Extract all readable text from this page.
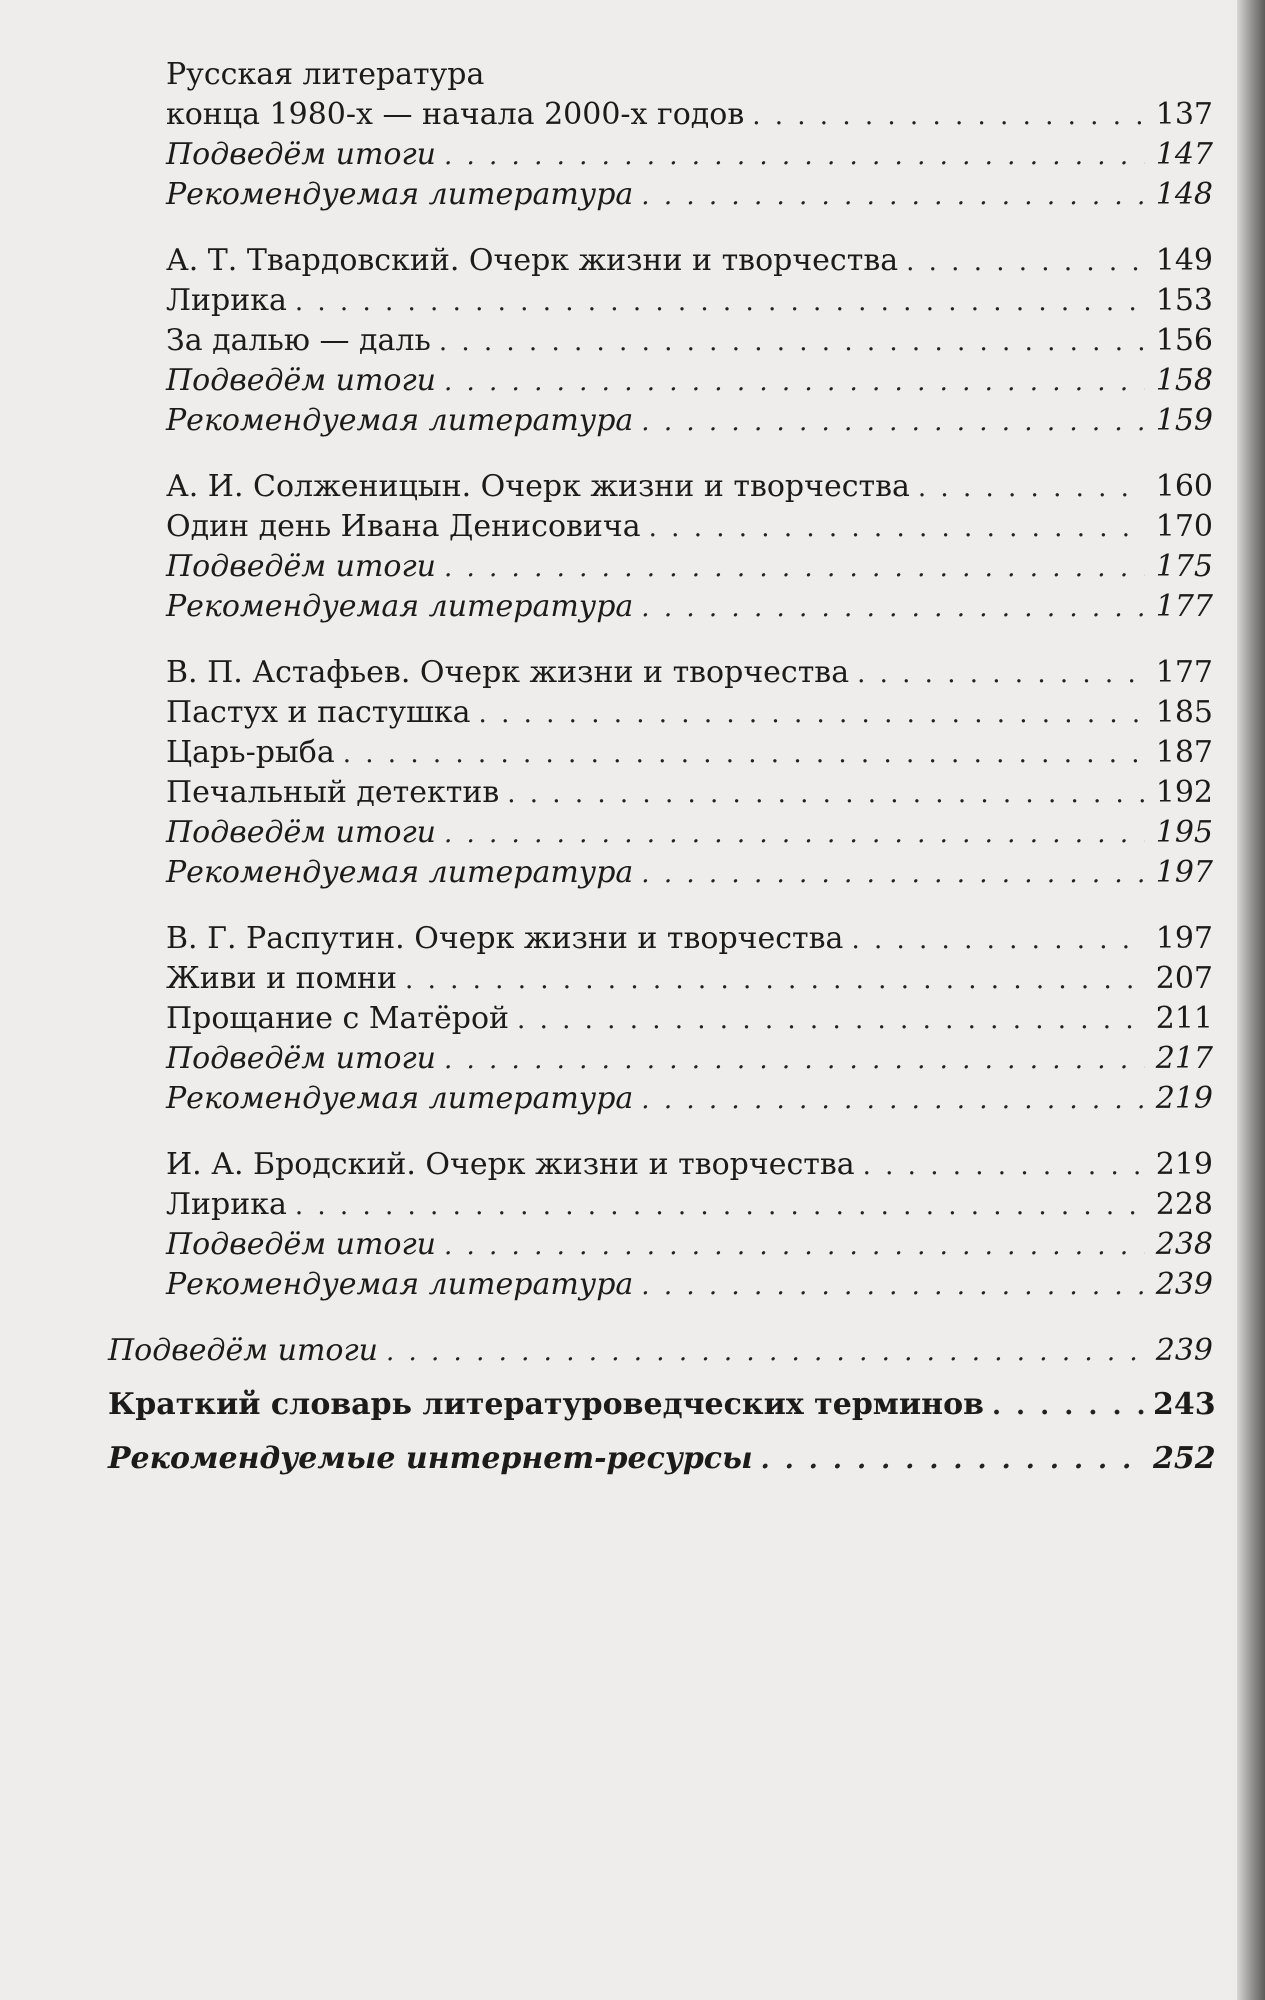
Русская литература
конца 1980-х — начала 2000-х годов . . .	137
Подведём итоги . . .	147
Рекомендуемая литература . . .	148
А. Т. Твардовский. Очерк жизни и творчества . . .	149
Лирика . . .	153
За далью — даль . . .	156
Подведём итоги . . .	158
Рекомендуемая литература . . .	159
А. И. Солженицын. Очерк жизни и творчества . . .	160
Один день Ивана Денисовича . . .	170
Подведём итоги . . .	175
Рекомендуемая литература . . .	177
В. П. Астафьев. Очерк жизни и творчества . . .	177
Пастух и пастушка . . .	185
Царь-рыба . . .	187
Печальный детектив . . .	192
Подведём итоги . . .	195
Рекомендуемая литература . . .	197
В. Г. Распутин. Очерк жизни и творчества . . .	197
Живи и помни . . .	207
Прощание с Матёрой . . .	211
Подведём итоги . . .	217
Рекомендуемая литература . . .	219
И. А. Бродский. Очерк жизни и творчества . . .	219
Лирика . . .	228
Подведём итоги . . .	238
Рекомендуемая литература . . .	239
Подведём итоги . . .	239
Краткий словарь литературоведческих терминов . . .	243
Рекомендуемые интернет-ресурсы . . .	252
